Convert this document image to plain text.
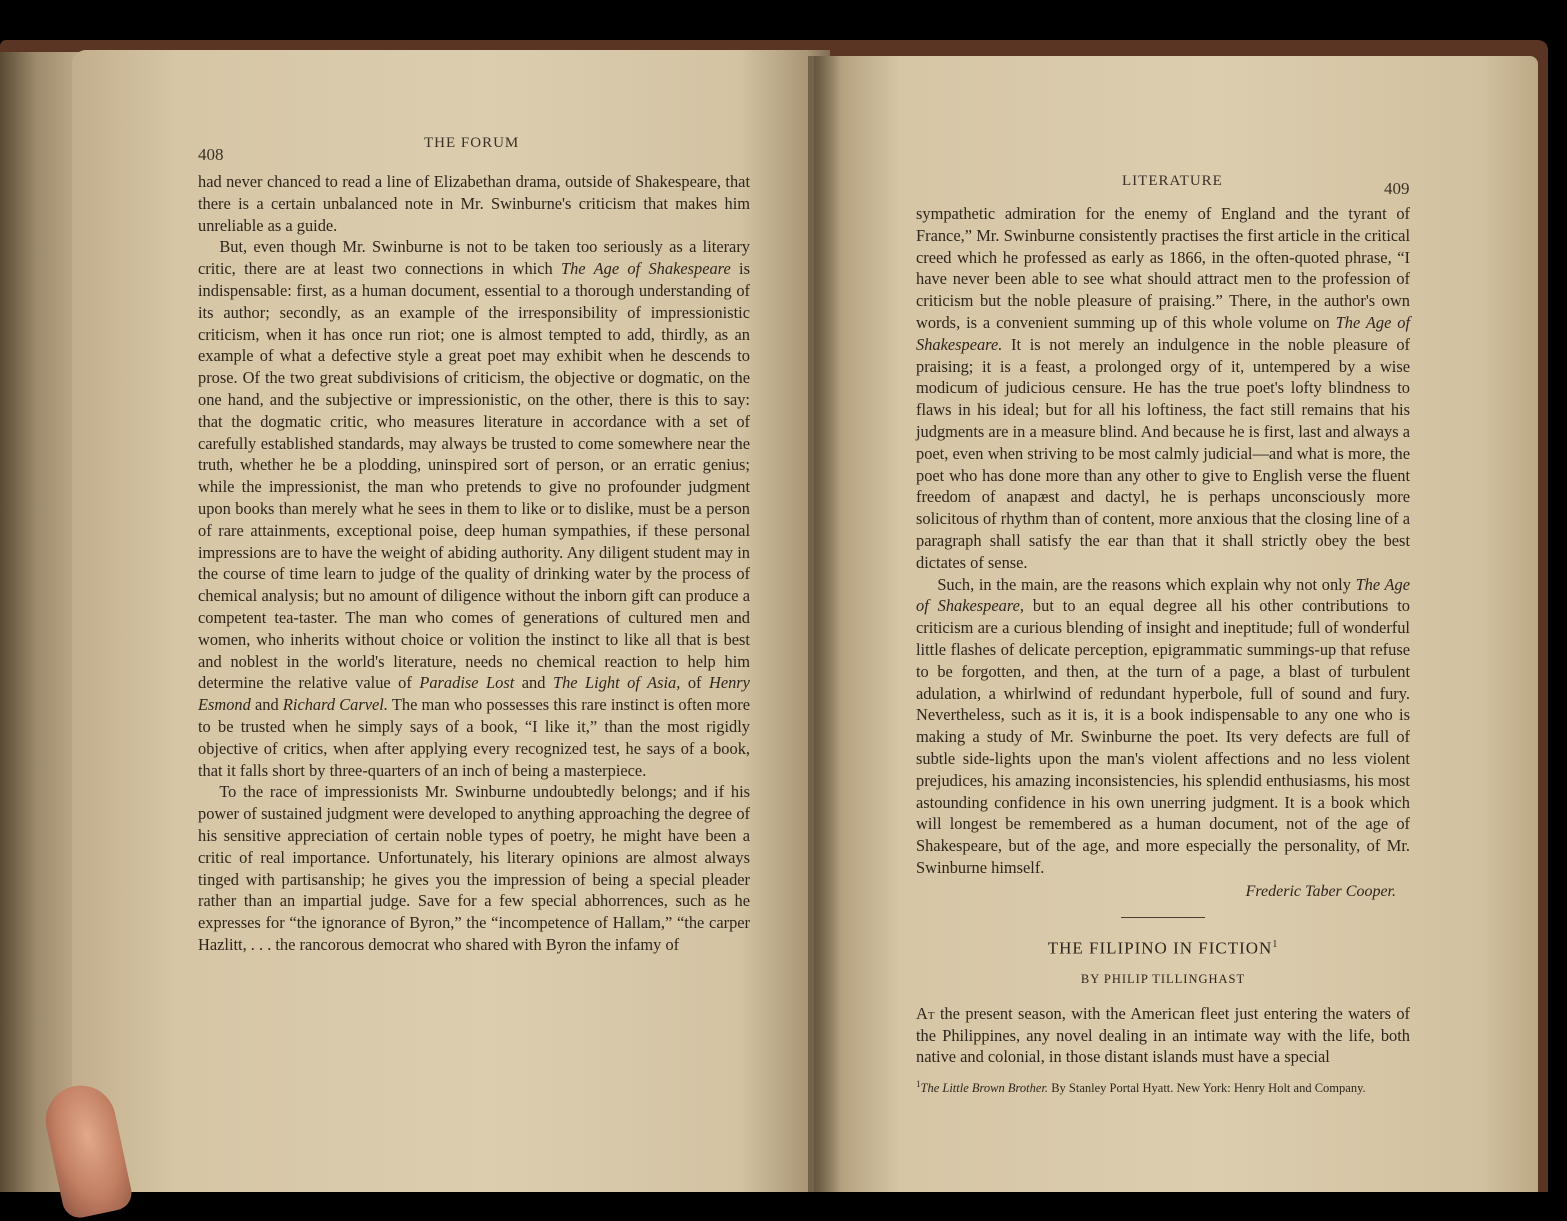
408
THE FORUM

had never chanced to read a line of Elizabethan drama, outside of Shakespeare, that there is a certain unbalanced note in Mr. Swinburne's criticism that makes him unreliable as a guide.

But, even though Mr. Swinburne is not to be taken too seriously as a literary critic, there are at least two connections in which The Age of Shakespeare is indispensable: first, as a human document, essential to a thorough understanding of its author; secondly, as an example of the irresponsibility of impressionistic criticism, when it has once run riot; one is almost tempted to add, thirdly, as an example of what a defective style a great poet may exhibit when he descends to prose. Of the two great subdivisions of criticism, the objective or dogmatic, on the one hand, and the subjective or impressionistic, on the other, there is this to say: that the dogmatic critic, who measures literature in accordance with a set of carefully established standards, may always be trusted to come somewhere near the truth, whether he be a plodding, uninspired sort of person, or an erratic genius; while the impressionist, the man who pretends to give no profounder judgment upon books than merely what he sees in them to like or to dislike, must be a person of rare attainments, exceptional poise, deep human sympathies, if these personal impressions are to have the weight of abiding authority. Any diligent student may in the course of time learn to judge of the quality of drinking water by the process of chemical analysis; but no amount of diligence without the inborn gift can produce a competent tea-taster. The man who comes of generations of cultured men and women, who inherits without choice or volition the instinct to like all that is best and noblest in the world's literature, needs no chemical reaction to help him determine the relative value of Paradise Lost and The Light of Asia, of Henry Esmond and Richard Carvel. The man who possesses this rare instinct is often more to be trusted when he simply says of a book, “I like it,” than the most rigidly objective of critics, when after applying every recognized test, he says of a book, that it falls short by three-quarters of an inch of being a masterpiece.

To the race of impressionists Mr. Swinburne undoubtedly belongs; and if his power of sustained judgment were developed to anything approaching the degree of his sensitive appreciation of certain noble types of poetry, he might have been a critic of real importance. Unfortunately, his literary opinions are almost always tinged with partisanship; he gives you the impression of being a special pleader rather than an impartial judge. Save for a few special abhorrences, such as he expresses for “the ignorance of Byron,” the “incompetence of Hallam,” “the carper Hazlitt, . . . the rancorous democrat who shared with Byron the infamy of

LITERATURE	409

sympathetic admiration for the enemy of England and the tyrant of France,” Mr. Swinburne consistently practises the first article in the critical creed which he professed as early as 1866, in the often-quoted phrase, “I have never been able to see what should attract men to the profession of criticism but the noble pleasure of praising.” There, in the author's own words, is a convenient summing up of this whole volume on The Age of Shakespeare. It is not merely an indulgence in the noble pleasure of praising; it is a feast, a prolonged orgy of it, untempered by a wise modicum of judicious censure. He has the true poet's lofty blindness to flaws in his ideal; but for all his loftiness, the fact still remains that his judgments are in a measure blind. And because he is first, last and always a poet, even when striving to be most calmly judicial—and what is more, the poet who has done more than any other to give to English verse the fluent freedom of anapæst and dactyl, he is perhaps unconsciously more solicitous of rhythm than of content, more anxious that the closing line of a paragraph shall satisfy the ear than that it shall strictly obey the best dictates of sense.

Such, in the main, are the reasons which explain why not only The Age of Shakespeare, but to an equal degree all his other contributions to criticism are a curious blending of insight and ineptitude; full of wonderful little flashes of delicate perception, epigrammatic summings-up that refuse to be forgotten, and then, at the turn of a page, a blast of turbulent adulation, a whirlwind of redundant hyperbole, full of sound and fury. Nevertheless, such as it is, it is a book indispensable to any one who is making a study of Mr. Swinburne the poet. Its very defects are full of subtle side-lights upon the man's violent affections and no less violent prejudices, his amazing inconsistencies, his splendid enthusiasms, his most astounding confidence in his own unerring judgment. It is a book which will longest be remembered as a human document, not of the age of Shakespeare, but of the age, and more especially the personality, of Mr. Swinburne himself.

Frederic Taber Cooper.
THE FILIPINO IN FICTION$^1$
BY PHILIP TILLINGHAST

At the present season, with the American fleet just entering the waters of the Philippines, any novel dealing in an intimate way with the life, both native and colonial, in those distant islands must have a special

$^1$The Little Brown Brother. By Stanley Portal Hyatt. New York: Henry Holt and Company.
